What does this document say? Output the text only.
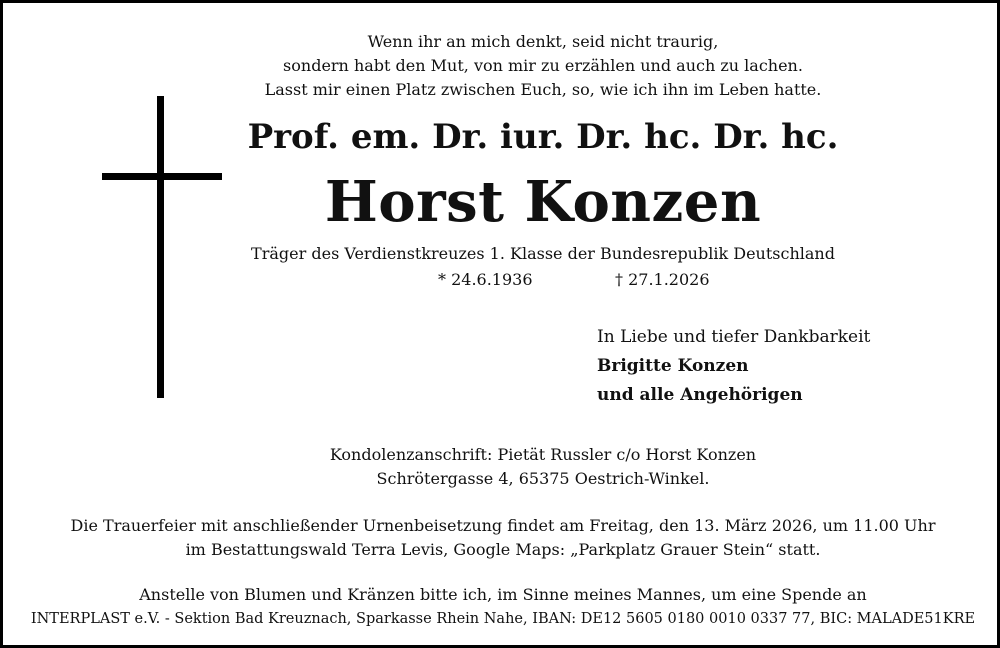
Wenn ihr an mich denkt, seid nicht traurig,
sondern habt den Mut, von mir zu erzählen und auch zu lachen.
Lasst mir einen Platz zwischen Euch, so, wie ich ihn im Leben hatte.
Prof. em. Dr. iur. Dr. hc. Dr. hc.
Horst Konzen
Träger des Verdienstkreuzes 1. Klasse der Bundesrepublik Deutschland
* 24.6.1936	† 27.1.2026
In Liebe und tiefer Dankbarkeit
Brigitte Konzen
und alle Angehörigen
Kondolenzanschrift: Pietät Russler c/o Horst Konzen
Schrötergasse 4, 65375 Oestrich-Winkel.
Die Trauerfeier mit anschließender Urnenbeisetzung findet am Freitag, den 13. März 2026, um 11.00 Uhr
im Bestattungswald Terra Levis, Google Maps: „Parkplatz Grauer Stein“ statt.
Anstelle von Blumen und Kränzen bitte ich, im Sinne meines Mannes, um eine Spende an
INTERPLAST e.V. - Sektion Bad Kreuznach, Sparkasse Rhein Nahe, IBAN: DE12 5605 0180 0010 0337 77, BIC: MALADE51KRE
